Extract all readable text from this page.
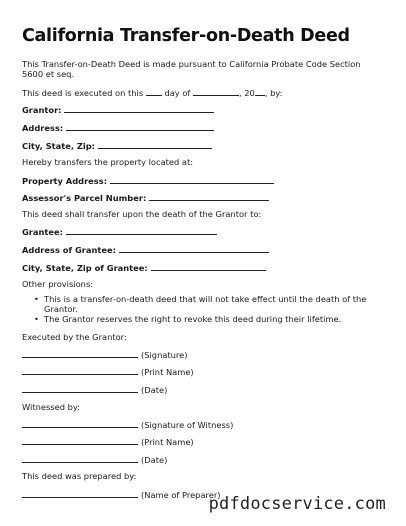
California Transfer-on-Death Deed
This Transfer-on-Death Deed is made pursuant to California Probate Code Section 5600 et seq.
This deed is executed on this	day of	, 20 , by:
Grantor:
Address:
City, State, Zip:
Hereby transfers the property located at:
Property Address:
Assessor's Parcel Number:
This deed shall transfer upon the death of the Grantor to:
Grantee:
Address of Grantee:
City, State, Zip of Grantee:
Other provisions:
• This is a transfer-on-death deed that will not take effect until the death of the Grantor.
• The Grantor reserves the right to revoke this deed during their lifetime.
Executed by the Grantor:
(Signature)
(Print Name)
(Date)
Witnessed by:
(Signature of Witness)
(Print Name)
(Date)
This deed was prepared by:
(Name of Preparer)
pdfdocservice.com
